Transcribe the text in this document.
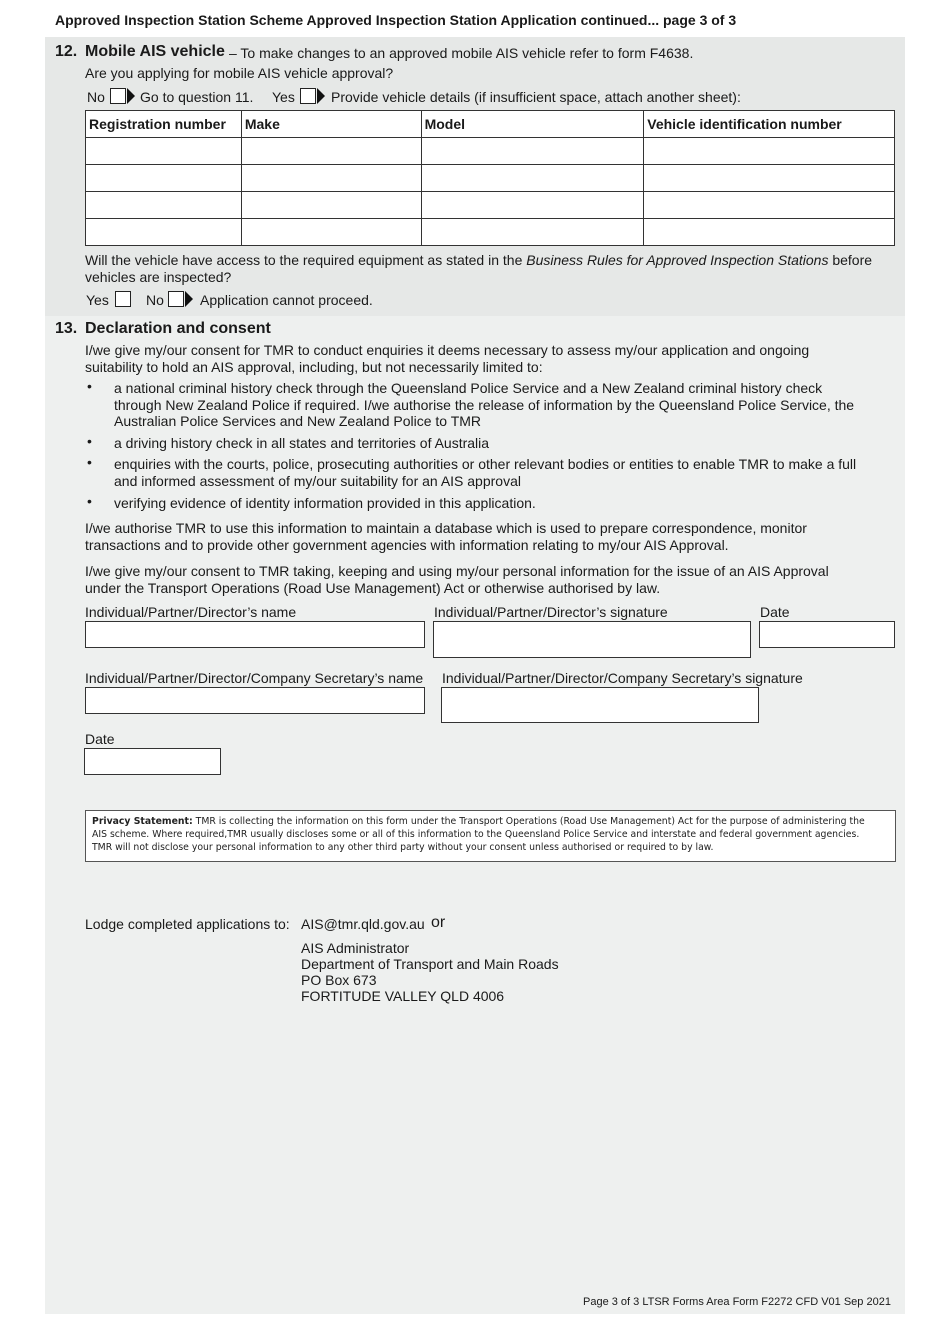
Approved Inspection Station Scheme Approved Inspection Station Application continued... page 3 of 3
12. Mobile AIS vehicle – To make changes to an approved mobile AIS vehicle refer to form F4638.
Are you applying for mobile AIS vehicle approval?
No	Go to question 11. Yes	Provide vehicle details (if insufficient space, attach another sheet):
Registration number	Make	Model	Vehicle identification number

Will the vehicle have access to the required equipment as stated in the Business Rules for Approved Inspection Stations before
vehicles are inspected?
Yes	No	Application cannot proceed.
13. Declaration and consent
I/we give my/our consent for TMR to conduct enquiries it deems necessary to assess my/our application and ongoing
suitability to hold an AIS approval, including, but not necessarily limited to:
• a national criminal history check through the Queensland Police Service and a New Zealand criminal history check
through New Zealand Police if required. I/we authorise the release of information by the Queensland Police Service, the
Australian Police Services and New Zealand Police to TMR
• a driving history check in all states and territories of Australia
• enquiries with the courts, police, prosecuting authorities or other relevant bodies or entities to enable TMR to make a full
and informed assessment of my/our suitability for an AIS approval
• verifying evidence of identity information provided in this application.
I/we authorise TMR to use this information to maintain a database which is used to prepare correspondence, monitor
transactions and to provide other government agencies with information relating to my/our AIS Approval.
I/we give my/our consent to TMR taking, keeping and using my/our personal information for the issue of an AIS Approval
under the Transport Operations (Road Use Management) Act or otherwise authorised by law.
Individual/Partner/Director’s name	Individual/Partner/Director’s signature	Date
Individual/Partner/Director/Company Secretary’s name Individual/Partner/Director/Company Secretary’s signature
Date
Privacy Statement: TMR is collecting the information on this form under the Transport Operations (Road Use Management) Act for the purpose of administering the
AIS scheme. Where required,TMR usually discloses some or all of this information to the Queensland Police Service and interstate and federal government agencies.
TMR will not disclose your personal information to any other third party without your consent unless authorised or required to by law.
Lodge completed applications to: AIS@tmr.qld.gov.au or
AIS Administrator
Department of Transport and Main Roads
PO Box 673
FORTITUDE VALLEY QLD 4006
Page 3 of 3 LTSR Forms Area Form F2272 CFD V01 Sep 2021
